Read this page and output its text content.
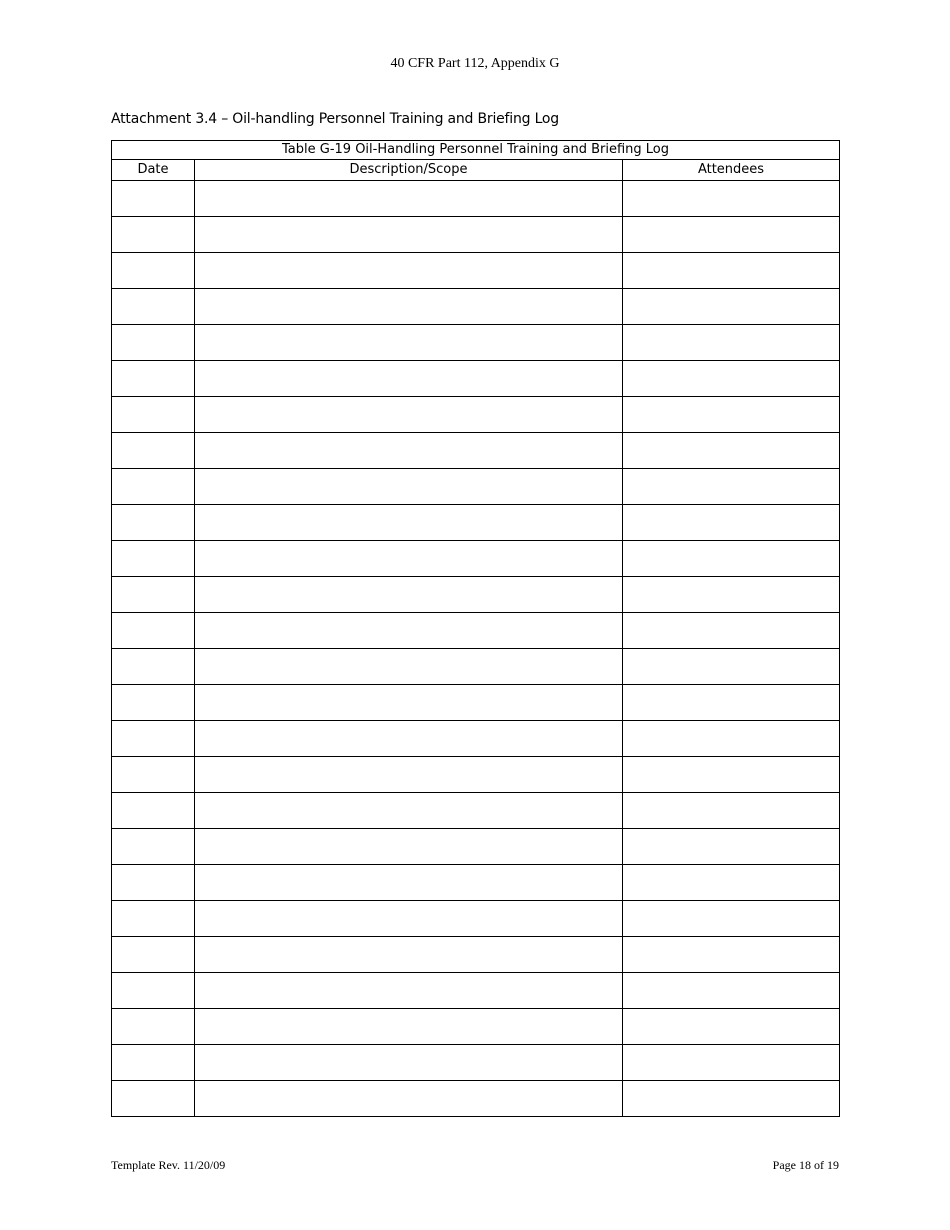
40 CFR Part 112, Appendix G
Attachment 3.4 – Oil-handling Personnel Training and Briefing Log
Table G-19 Oil-Handling Personnel Training and Briefing Log		
Date	Description/Scope	Attendees

Template Rev. 11/20/09	Page 18 of 19
